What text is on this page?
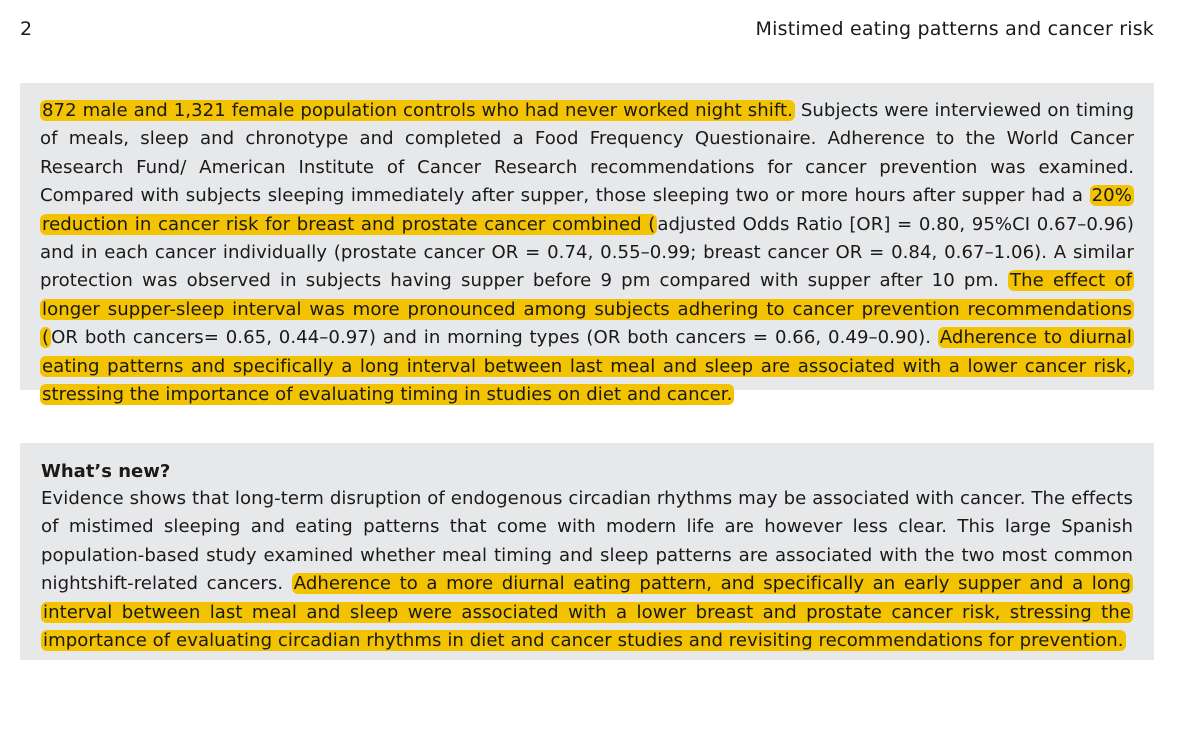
2	Mistimed eating patterns and cancer risk

872 male and 1,321 female population controls who had never worked night shift. Subjects were interviewed on timing of meals, sleep and chronotype and completed a Food Frequency Questionaire. Adherence to the World Cancer Research Fund/ American Institute of Cancer Research recommendations for cancer prevention was examined. Compared with subjects sleeping immediately after supper, those sleeping two or more hours after supper had a 20% reduction in cancer risk for breast and prostate cancer combined ( adjusted Odds Ratio [OR] = 0.80, 95%CI 0.67–0.96) and in each cancer individually (prostate cancer OR = 0.74, 0.55–0.99; breast cancer OR = 0.84, 0.67–1.06). A similar protection was observed in subjects having supper before 9 pm compared with supper after 10 pm. The effect of longer supper-sleep interval was more pronounced among subjects adhering to cancer prevention recommendations ( OR both cancers= 0.65, 0.44–0.97) and in morning types (OR both cancers = 0.66, 0.49–0.90). Adherence to diurnal eating patterns and specifically a long interval between last meal and sleep are associated with a lower cancer risk, stressing the importance of evaluating timing in studies on diet and cancer.

What’s new?

Evidence shows that long-term disruption of endogenous circadian rhythms may be associated with cancer. The effects of mistimed sleeping and eating patterns that come with modern life are however less clear. This large Spanish population-based study examined whether meal timing and sleep patterns are associated with the two most common nightshift-related cancers. Adherence to a more diurnal eating pattern, and specifically an early supper and a long interval between last meal and sleep were associated with a lower breast and prostate cancer risk, stressing the importance of evaluating circadian rhythms in diet and cancer studies and revisiting recommendations for prevention.
